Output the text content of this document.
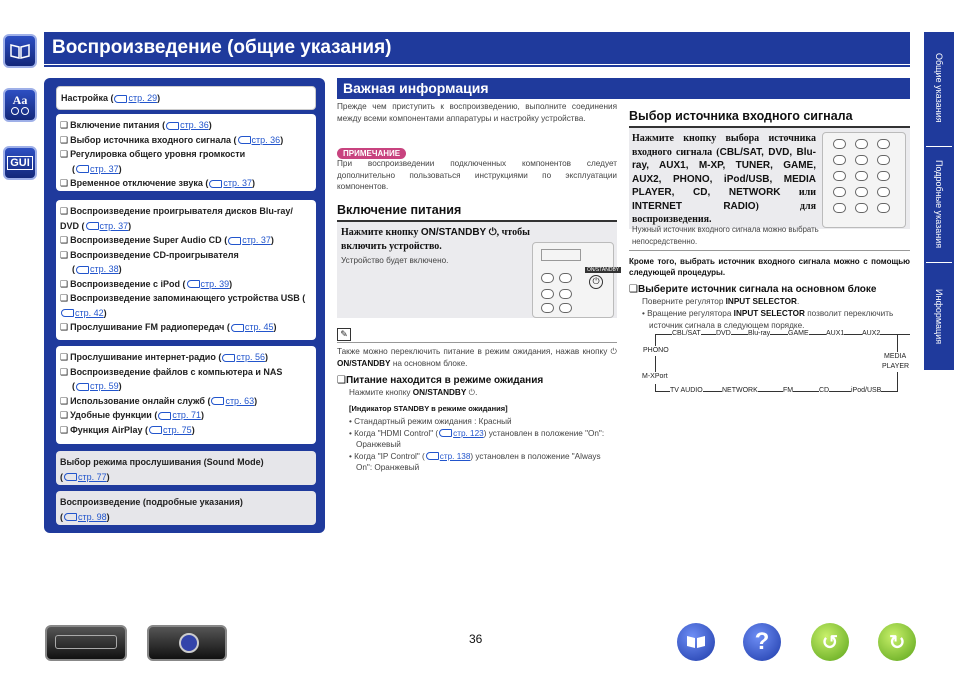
Воспроизведение (общие указания)
Aa
GUI
Общие указания
Подробные указания
Информация
Настройка ( стр. 29)
❑ Включение питания ( стр. 36)
❑ Выбор источника входного сигнала ( стр. 36)
❑ Регулировка общего уровня громкости
( стр. 37)
❑ Временное отключение звука ( стр. 37)
❑ Воспроизведение проигрывателя дисков Blu-ray/ DVD ( стр. 37)
❑ Воспроизведение Super Audio CD ( стр. 37)
❑ Воспроизведение CD-проигрывателя
( стр. 38)
❑ Воспроизведение с iPod ( стр. 39)
❑ Воспроизведение запоминающего устройства USB (стр. 42)
❑ Прослушивание FM радиопередач ( стр. 45)
❑ Прослушивание интернет-радио ( стр. 56)
❑ Воспроизведение файлов с компьютера и NAS
( стр. 59)
❑ Использование онлайн служб ( стр. 63)
❑ Удобные функции ( стр. 71)
❑ Функция AirPlay ( стр. 75)
Выбор режима прослушивания (Sound Mode)
( стр. 77)
Воспроизведение (подробные указания)
( стр. 98)
Важная информация
Прежде чем приступить к воспроизведению, выполните соединения между всеми компонентами аппаратуры и настройку устройства.
ПРИМЕЧАНИЕ
При воспроизведении подключенных компонентов следует дополнительно пользоваться инструкциями по эксплуатации компонентов.
Включение питания
Нажмите кнопку ON/STANDBY ⏻, чтобы включить устройство.
Устройство будет включено.
ON/STANDBY
⏻
✎
Также можно переключить питание в режим ожидания, нажав кнопку ⏻ ON/STANDBY на основном блоке.
❑Питание находится в режиме ожидания
Нажмите кнопку ON/STANDBY ⏻.
[Индикатор STANDBY в режиме ожидания]
• Стандартный режим ожидания : Красный
• Когда "HDMI Control" ( стр. 123) установлен в положение "On": Оранжевый
• Когда "IP Control" ( стр. 138) установлен в положение "Always On": Оранжевый
Выбор источника входного сигнала
Нажмите кнопку выбора источника входного сигнала (CBL/SAT, DVD, Blu-ray, AUX1, M-XP, TUNER, GAME, AUX2, PHONO, iPod/USB, MEDIA PLAYER, CD, NETWORK или INTERNET RADIO) для воспроизведения.
Нужный источник входного сигнала можно выбрать непосредственно.
Кроме того, выбрать источник входного сигнала можно с помощью следующей процедуры.
❑Выберите источник сигнала на основном блоке
Поверните регулятор INPUT SELECTOR.
• Вращение регулятора INPUT SELECTOR позволит переключить источник сигнала в следующем порядке.
CBL/SAT DVD Blu-ray	GAME AUX1	AUX2
PHONO
M-XPort
MEDIA
PLAYER
TV AUDIO	NETWORK	FM	CD	iPod/USB
36	?	↺	↻
